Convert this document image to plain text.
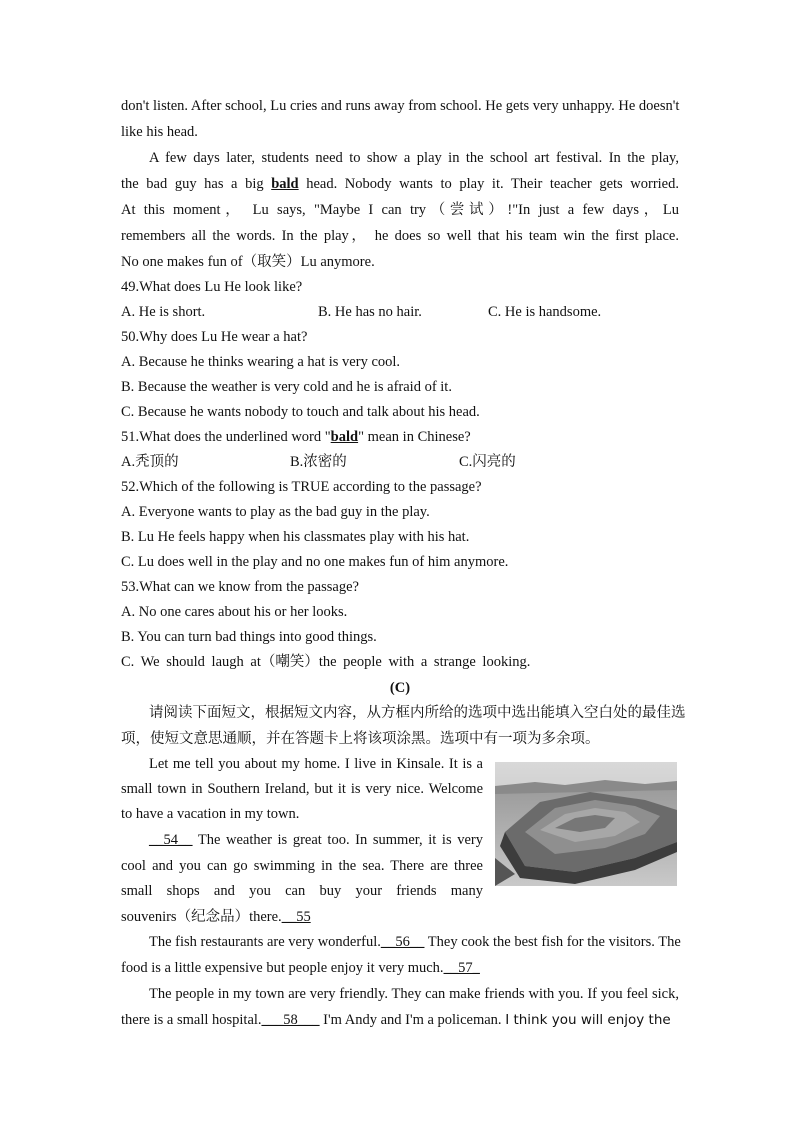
don't listen. After school, Lu cries and runs away from school. He gets very unhappy. He doesn't
like his head.
A few days later, students need to show a play in the school art festival. In the play,
the bad guy has a big bald head. Nobody wants to play it. Their teacher gets worried.
At this moment， Lu says, "Maybe I can try（尝试）!"In just a few days，Lu
remembers all the words. In the play， he does so well that his team win the first place.
No one makes fun of（取笑）Lu anymore.
49.What does Lu He look like?
A. He is short.	B. He has no hair.	C. He is handsome.
50.Why does Lu He wear a hat?
A. Because he thinks wearing a hat is very cool.
B. Because the weather is very cold and he is afraid of it.
C. Because he wants nobody to touch and talk about his head.
51.What does the underlined word "bald" mean in Chinese?
A.秃顶的	B.浓密的	C.闪亮的
52.Which of the following is TRUE according to the passage?
A. Everyone wants to play as the bad guy in the play.
B. Lu He feels happy when his classmates play with his hat.
C. Lu does well in the play and no one makes fun of him anymore.
53.What can we know from the passage?
A. No one cares about his or her looks.
B. You can turn bad things into good things.
C. We should laugh at（嘲笑）the people with a strange looking.
(C)
请阅读下面短文，根据短文内容，从方框内所给的选项中选出能填入空白处的最佳选
项，使短文意思通顺，并在答题卡上将该项涂黑。选项中有一项为多余项。
Let me tell you about my home. I live in Kinsale. It is a
small town in Southern Ireland, but it is very nice. Welcome
to have a vacation in my town.
__54__ The weather is great too. In summer, it is very
cool and you can go swimming in the sea. There are three
small shops and you can buy your friends many
souvenirs（纪念品）there.__55
The fish restaurants are very wonderful.__56__ They cook the best fish for the visitors. The
food is a little expensive but people enjoy it very much.__57_
The people in my town are very friendly. They can make friends with you. If you feel sick,
there is a small hospital.___58___ I'm Andy and I'm a policeman. I think you will enjoy the
